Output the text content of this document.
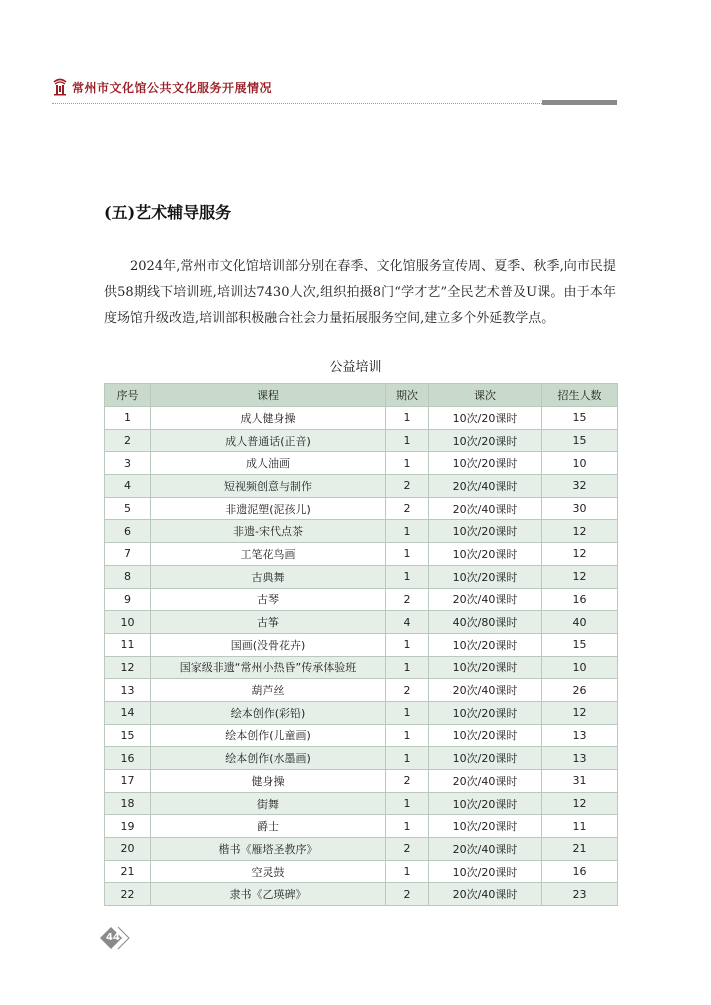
常州市文化馆公共文化服务开展情况
(五)艺术辅导服务

2024年,常州市文化馆培训部分别在春季、文化馆服务宣传周、夏季、秋季,向市民提供58期线下培训班,培训达7430人次,组织拍摄8门“学才艺”全民艺术普及U课。由于本年度场馆升级改造,培训部积极融合社会力量拓展服务空间,建立多个外延教学点。

公益培训
序号	课程	期次	课次	招生人数
1	成人健身操	1	10次/20课时	15
2	成人普通话(正音)	1	10次/20课时	15
3	成人油画	1	10次/20课时	10
4	短视频创意与制作	2	20次/40课时	32
5	非遗泥塑(泥孩儿)	2	20次/40课时	30
6	非遗-宋代点茶	1	10次/20课时	12
7	工笔花鸟画	1	10次/20课时	12
8	古典舞	1	10次/20课时	12
9	古琴	2	20次/40课时	16
10	古筝	4	40次/80课时	40
11	国画(没骨花卉)	1	10次/20课时	15
12	国家级非遗“常州小热昏”传承体验班	1	10次/20课时	10
13	葫芦丝	2	20次/40课时	26
14	绘本创作(彩铅)	1	10次/20课时	12
15	绘本创作(儿童画)	1	10次/20课时	13
16	绘本创作(水墨画)	1	10次/20课时	13
17	健身操	2	20次/40课时	31
18	街舞	1	10次/20课时	12
19	爵士	1	10次/20课时	11
20	楷书《雁塔圣教序》	2	20次/40课时	21
21	空灵鼓	1	10次/20课时	16
22	隶书《乙瑛碑》	2	20次/40课时	23
44
